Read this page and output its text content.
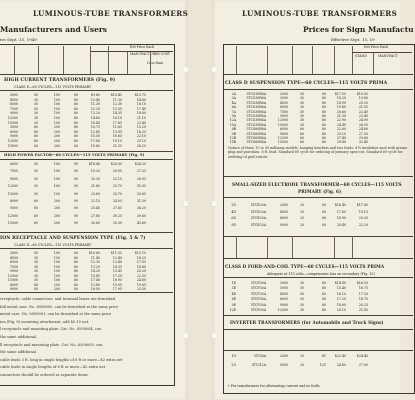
LUMINOUS-TUBE TRANSFORMERS
Manufacturers and Users
ive Sept. 15, 1949
Net Price Each
MANUFACTURER COST
Less than
HIGH CURRENT TRANSFORMERS (Fig. 9)
CLASS D—60 CYCLES—115 VOLTS PRIMARY
3000	30	100	60	$9.60	$10.45	$13.70
4000	30	100	60	10.40	11.30	14.80
6000	30	100	60	11.30	12.30	16.10
7500	30	100	60	12.20	13.30	17.40
9000	30	100	60	13.20	14.35	18.80
12000	30	100	60	14.80	16.10	21.10
15000	30	100	60	16.40	17.85	23.40
3000	60	200	60	10.70	11.65	15.25
6000	60	200	60	12.80	13.95	18.25
9000	60	200	60	15.50	16.85	22.10
12000	60	200	60	17.60	19.15	25.10
15000	60	200	60	19.80	21.55	28.20
HIGH POWER FACTOR—60 CYCLES—115 VOLTS PRIMARY (Fig. 9)
6000	30	100	90	$18.40	$20.00	$26.20
7500	30	100	90	19.20	20.90	27.35
9000	30	100	90	20.30	22.10	28.95
12000	30	100	90	21.80	23.70	31.05
15000	30	100	90	23.60	25.70	33.65
6000	60	200	90	22.10	24.05	31.50
9000	60	200	90	25.40	27.65	36.20
12000	60	200	90	27.80	30.25	39.60
15000	60	200	90	30.60	33.30	43.60
ION RECEPTACLE AND SUSPENSION TYPE (Fig. 5 & 7)
CLASS D—60 CYCLES—115 VOLTS PRIMARY
3000	30	100	60	$10.60	$11.55	$15.10
4000	30	100	60	11.40	12.40	16.25
6000	30	100	60	12.30	13.40	17.55
7500	30	100	60	13.20	14.35	18.80
9000	30	100	60	14.20	15.45	20.25
12000	30	100	60	15.80	17.20	22.55
15000	30	100	60	17.40	18.95	24.80
6000	60	200	60	13.80	15.00	19.65
9000	60	200	60	16.50	17.95	23.50
receptacle, cable connectors, and terminal boxes are furnished
full metal case. No. 8508000, can be furnished at the same price
metal case. No. 8508001, can be furnished at the same price
ion (Fig. 8) mounting attachment, add $0.10 net.
l receptacle and mounting plate. Cat. No. 8508004, can
the same additional.
ll receptacle and mounting plate. Cat. No. 8508005, can
the same additional.
cable leads 3 ft. long in single lengths of 6 ft or more—$2 extra net
cable leads in single lengths of 6 ft or more—$2 extra net
connectors should be ordered as separate items.
LUMINOUS-TUBE TRANSFORMERS
Prices for Sign Manufactu
Effective Sept. 15, 19
Net Price Each
STAND	MANUFACT
CLASS D SUSPENSION TYPE—60 CYCLES—115 VOLTS PRIMA
2A	5TCS30R6A	2000	30	60	$17.50	$19.05
3A	5TCS30R6A	3000	30	60	18.20	19.80
4A	5TCS30R6A	4000	30	60	18.90	20.55
6A	5TCS30R6A	6000	30	60	19.80	21.55
7A	5TCS30R6A	7500	30	60	20.60	22.40
9A	5TCS30R6A	9000	30	60	21.50	23.40
12A	5TCS30R6A	12000	30	60	22.90	24.90
15A	5TCS30R6A	15000	30	60	24.40	26.55
6B	5TCS60R6A	6000	60	60	22.60	24.60
9B	5TCS60R6A	9000	60	60	25.10	27.30
12B	5TCS60R6A	12000	60	60	27.40	29.80
15B	5TCS60R6A	15000	60	60	29.80	32.40
Nature of these 15 to 30 milliamp models, hanging brackets and two leads. 8 ft insulation mod with grease plug and porcelain. 8 ft. lead. Standard 60 cycle for ordering of primary open-cut. Standard 60-cycle for ordering of grid entries.
SMALL-SIZED ELECTRODE TRANSFORMER—60 CYCLES—115 VOLTS
PRIMARY (Fig. 6)
2D	5TCE20A	2000	20	60	$16.40	$17.85
4D	5TCE20A	4000	20	60	17.60	19.15
6D	5TCE20A	6000	20	60	18.90	20.55
9D	5TCE20A	9000	20	60	20.40	22.20
CLASS D FORD-AND-COIL TYPE—60 CYCLES—115 VOLTS PRIMA
Adequate at 115 volts—compensates loss on secondary (Fig. 10)
1E	5TCF30A	2000	30	60	$14.80	$16.10
3E	5TCF30A	3000	30	60	15.40	16.75
4E	5TCF30A	4000	30	60	16.10	17.50
6E	5TCF30A	6000	30	60	17.20	18.70
9E	5TCF30A	9000	30	60	18.60	20.25
12E	5TCF30A	12000	30	60	20.10	21.85
INVERTER TRANSFORMERS (for Automobile and Truck Signs)
1G	5TCI6A	2000	20	6V	$22.40	$24.40
2G	5TCI12A	3000	20	12V	24.80	27.00
† For transformers for alternating current and so forth.
